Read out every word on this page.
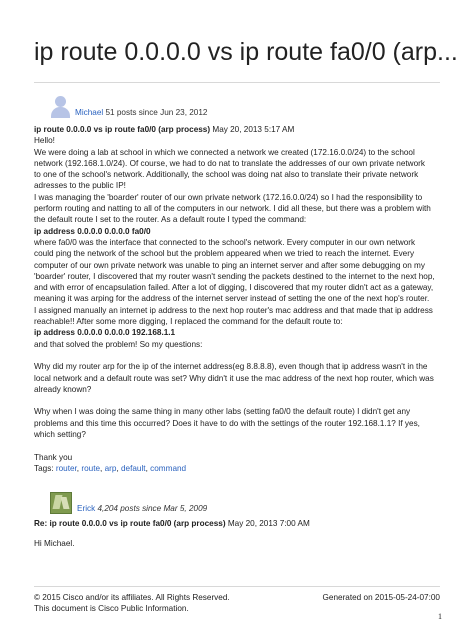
ip route 0.0.0.0 vs ip route fa0/0 (arp...
Michael 51 posts since Jun 23, 2012

ip route 0.0.0.0 vs ip route fa0/0 (arp process) May 20, 2013 5:17 AM

Hello!

We were doing a lab at school in which we connected a network we created (172.16.0.0/24) to the school

network (192.168.1.0/24). Of course, we had to do nat to translate the addresses of our own private network

to one of the school's network. Additionally, the school was doing nat also to translate their private network

adresses to the public IP!

I was managing the 'boarder' router of our own private network (172.16.0.0/24) so I had the responsibility to

perform routing and natting to all of the computers in our network. I did all these, but there was a problem with

the default route I set to the router. As a default route I typed the command:

ip address 0.0.0.0 0.0.0.0 fa0/0

where fa0/0 was the interface that connected to the school's network. Every computer in our own network

could ping the network of the school but the problem appeared when we tried to reach the internet. Every

computer of our own private network was unable to ping an internet server and after some debugging on my

'boarder' router, I discovered that my router wasn't sending the packets destined to the internet to the next hop,

and with error of encapsulation failed. After a lot of digging, I discovered that my router didn't act as a gateway,

meaning it was arping for the address of the internet server instead of setting the one of the next hop's router.

I assigned manually an internet ip address to the next hop router's mac address and that made that ip address

reachable!! After some more digging, I replaced the command for the default route to:

ip address 0.0.0.0 0.0.0.0 192.168.1.1

and that solved the problem! So my questions:

Why did my router arp for the ip of the internet address(eg 8.8.8.8), even though that ip address wasn't in the

local network and a default route was set? Why didn't it use the mac address of the next hop router, which was

already known?

Why when I was doing the same thing in many other labs (setting fa0/0 the default route) I didn't get any

problems and this time this occurred? Does it have to do with the settings of the router 192.168.1.1? If yes,

which setting?

Thank you

Tags: router, route, arp, default, command

Erick 4,204 posts since Mar 5, 2009

Re: ip route 0.0.0.0 vs ip route fa0/0 (arp process) May 20, 2013 7:00 AM

Hi Michael.

© 2015 Cisco and/or its affiliates. All Rights Reserved.	Generated on 2015-05-24-07:00
This document is Cisco Public Information.
1
